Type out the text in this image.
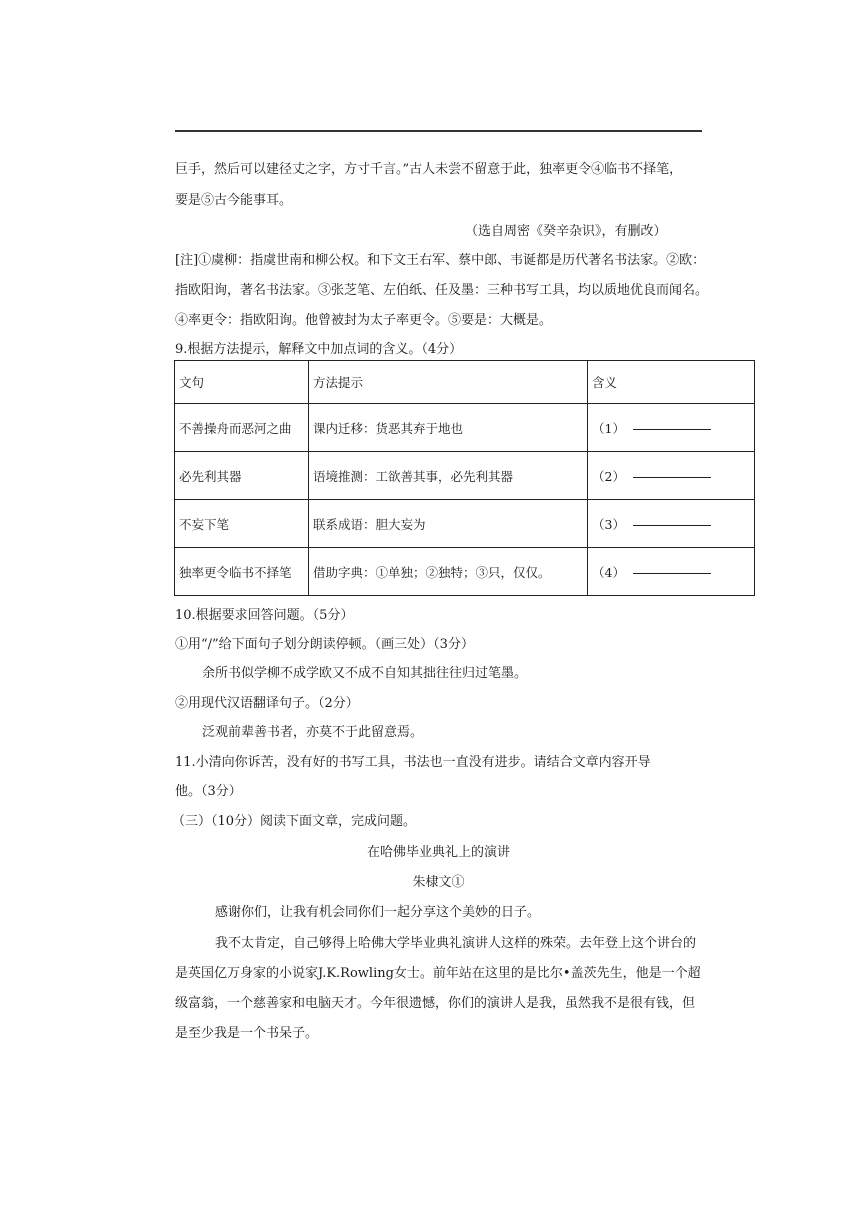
巨手，然后可以建径丈之字，方寸千言。”古人未尝不留意于此，独率更令④临书不择笔，
要是⑤古今能事耳。
（选自周密《癸辛杂识》，有删改）
[注]①虞柳：指虞世南和柳公权。和下文王右军、蔡中郎、韦诞都是历代著名书法家。②欧：
指欧阳询，著名书法家。③张芝笔、左伯纸、任及墨：三种书写工具，均以质地优良而闻名。
④率更令：指欧阳询。他曾被封为太子率更令。⑤要是：大概是。
9.根据方法提示，解释文中加点词的含义。（4分）
文句	方法提示	含义
不善操舟而恶河之曲	课内迁移：货恶其弃于地也	（1）
必先利其器	语境推测：工欲善其事，必先利其器	（2）
不妄下笔	联系成语：胆大妄为	（3）
独率更令临书不择笔	借助字典：①单独；②独特；③只，仅仅。	（4）
10.根据要求回答问题。（5分）
①用“/”给下面句子划分朗读停顿。（画三处）（3分）
余所书似学柳不成学欧又不成不自知其拙往往归过笔墨。
②用现代汉语翻译句子。（2分）
泛观前辈善书者，亦莫不于此留意焉。
11.小清向你诉苦，没有好的书写工具，书法也一直没有进步。请结合文章内容开导
他。（3分）
（三）（10分）阅读下面文章，完成问题。
在哈佛毕业典礼上的演讲
朱棣文①
感谢你们，让我有机会同你们一起分享这个美妙的日子。
我不太肯定，自己够得上哈佛大学毕业典礼演讲人这样的殊荣。去年登上这个讲台的
是英国亿万身家的小说家J.K.Rowling女士。前年站在这里的是比尔•盖茨先生，他是一个超
级富翁，一个慈善家和电脑天才。今年很遗憾，你们的演讲人是我，虽然我不是很有钱，但
是至少我是一个书呆子。
